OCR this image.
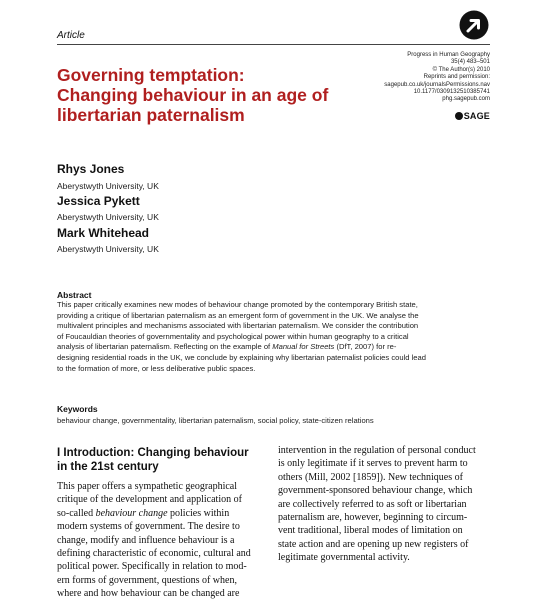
Article
Progress in Human Geography
35(4) 483–501
© The Author(s) 2010
Reprints and permission:
sagepub.co.uk/journalsPermissions.nav
10.1177/0309132510385741
phg.sagepub.com
SAGE
Governing temptation:
Changing behaviour in an age of
libertarian paternalism
Rhys Jones
Aberystwyth University, UK
Jessica Pykett
Aberystwyth University, UK
Mark Whitehead
Aberystwyth University, UK
Abstract
This paper critically examines new modes of behaviour change promoted by the contemporary British state,
providing a critique of libertarian paternalism as an emergent form of government in the UK. We analyse the
multivalent principles and mechanisms associated with libertarian paternalism. We consider the contribution
of Foucauldian theories of governmentality and psychological power within human geography to a critical
analysis of libertarian paternalism. Reflecting on the example of Manual for Streets (DfT, 2007) for re-
designing residential roads in the UK, we conclude by explaining why libertarian paternalist policies could lead
to the formation of more, or less deliberative public spaces.
Keywords
behaviour change, governmentality, libertarian paternalism, social policy, state-citizen relations
I Introduction: Changing behaviour
in the 21st century
This paper offers a sympathetic geographical
critique of the development and application of
so-called behaviour change policies within
modern systems of government. The desire to
change, modify and influence behaviour is a
defining characteristic of economic, cultural and
political power. Specifically in relation to mod-
ern forms of government, questions of when,
where and how behaviour can be changed are
intervention in the regulation of personal conduct
is only legitimate if it serves to prevent harm to
others (Mill, 2002 [1859]). New techniques of
government-sponsored behaviour change, which
are collectively referred to as soft or libertarian
paternalism are, however, beginning to circum-
vent traditional, liberal modes of limitation on
state action and are opening up new registers of
legitimate governmental activity.
